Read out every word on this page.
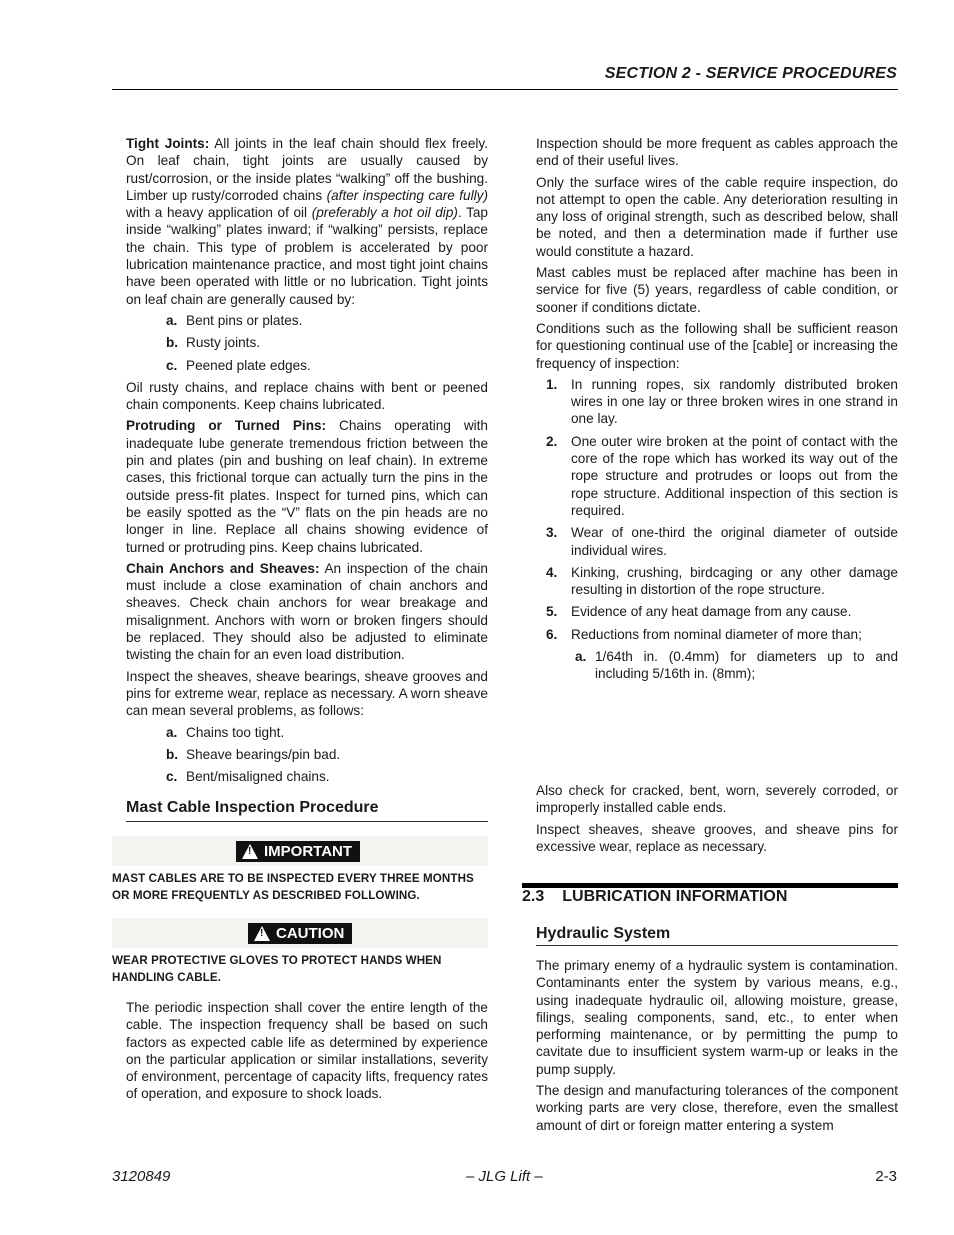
SECTION 2 - SERVICE PROCEDURES

Tight Joints: All joints in the leaf chain should flex freely. On leaf chain, tight joints are usually caused by rust/corrosion, or the inside plates “walking” off the bushing. Limber up rusty/corroded chains (after inspecting care fully) with a heavy application of oil (preferably a hot oil dip). Tap inside “walking” plates inward; if “walking” persists, replace the chain. This type of problem is accelerated by poor lubrication maintenance practice, and most tight joint chains have been operated with little or no lubrication. Tight joints on leaf chain are generally caused by:

a. Bent pins or plates.
b. Rusty joints.
c. Peened plate edges.

Oil rusty chains, and replace chains with bent or peened chain components. Keep chains lubricated.

Protruding or Turned Pins: Chains operating with inadequate lube generate tremendous friction between the pin and plates (pin and bushing on leaf chain). In extreme cases, this frictional torque can actually turn the pins in the outside press-fit plates. Inspect for turned pins, which can be easily spotted as the “V” flats on the pin heads are no longer in line. Replace all chains showing evidence of turned or protruding pins. Keep chains lubricated.

Chain Anchors and Sheaves: An inspection of the chain must include a close examination of chain anchors and sheaves. Check chain anchors for wear breakage and misalignment. Anchors with worn or broken fingers should be replaced. They should also be adjusted to eliminate twisting the chain for an even load distribution.

Inspect the sheaves, sheave bearings, sheave grooves and pins for extreme wear, replace as necessary. A worn sheave can mean several problems, as follows:

a. Chains too tight.
b. Sheave bearings/pin bad.
c. Bent/misaligned chains.
Mast Cable Inspection Procedure
! IMPORTANT
MAST CABLES ARE TO BE INSPECTED EVERY THREE MONTHS OR MORE FREQUENTLY AS DESCRIBED FOLLOWING.
! CAUTION
WEAR PROTECTIVE GLOVES TO PROTECT HANDS WHEN HANDLING CABLE.

The periodic inspection shall cover the entire length of the cable. The inspection frequency shall be based on such factors as expected cable life as determined by experience on the particular application or similar installations, severity of environment, percentage of capacity lifts, frequency rates of operation, and exposure to shock loads.

Inspection should be more frequent as cables approach the end of their useful lives.

Only the surface wires of the cable require inspection, do not attempt to open the cable. Any deterioration resulting in any loss of original strength, such as described below, shall be noted, and then a determination made if further use would constitute a hazard.

Mast cables must be replaced after machine has been in service for five (5) years, regardless of cable condition, or sooner if conditions dictate.

Conditions such as the following shall be sufficient reason for questioning continual use of the [cable] or increasing the frequency of inspection:

1.	In running ropes, six randomly distributed broken wires in one lay or three broken wires in one strand in one lay.
2.	One outer wire broken at the point of contact with the core of the rope which has worked its way out of the rope structure and protrudes or loops out from the rope structure. Additional inspection of this section is required.
3.	Wear of one-third the original diameter of outside individual wires.
4.	Kinking, crushing, birdcaging or any other damage resulting in distortion of the rope structure.
5.	Evidence of any heat damage from any cause.
6.	Reductions from nominal diameter of more than;
a. 1/64th in. (0.4mm) for diameters up to and including 5/16th in. (8mm);

Also check for cracked, bent, worn, severely corroded, or improperly installed cable ends.

Inspect sheaves, sheave grooves, and sheave pins for excessive wear, replace as necessary.

2.3 LUBRICATION INFORMATION
Hydraulic System

The primary enemy of a hydraulic system is contamination. Contaminants enter the system by various means, e.g., using inadequate hydraulic oil, allowing moisture, grease, filings, sealing components, sand, etc., to enter when performing maintenance, or by permitting the pump to cavitate due to insufficient system warm-up or leaks in the pump supply.

The design and manufacturing tolerances of the component working parts are very close, therefore, even the smallest amount of dirt or foreign matter entering a system

3120849	– JLG Lift –	2-3
